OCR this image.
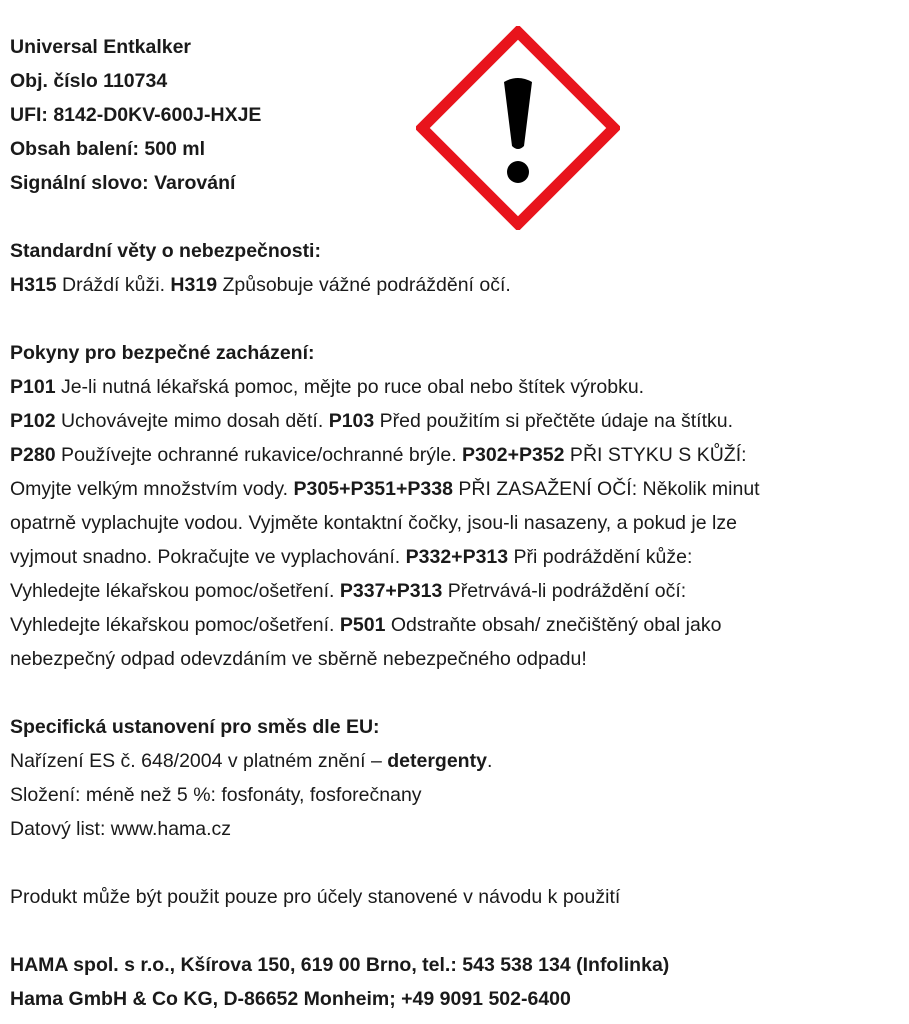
Universal Entkalker
Obj. číslo 110734
UFI: 8142-D0KV-600J-HXJE
Obsah balení: 500 ml
Signální slovo: Varování
Standardní věty o nebezpečnosti:
H315 Dráždí kůži. H319 Způsobuje vážné podráždění očí.
Pokyny pro bezpečné zacházení:
P101 Je-li nutná lékařská pomoc, mějte po ruce obal nebo štítek výrobku.
P102 Uchovávejte mimo dosah dětí. P103 Před použitím si přečtěte údaje na štítku.
P280 Používejte ochranné rukavice/ochranné brýle. P302+P352 PŘI STYKU S KŮŽÍ:
Omyjte velkým množstvím vody. P305+P351+P338 PŘI ZASAŽENÍ OČÍ: Několik minut
opatrně vyplachujte vodou. Vyjměte kontaktní čočky, jsou-li nasazeny, a pokud je lze
vyjmout snadno. Pokračujte ve vyplachování. P332+P313 Při podráždění kůže:
Vyhledejte lékařskou pomoc/ošetření. P337+P313 Přetrvává-li podráždění očí:
Vyhledejte lékařskou pomoc/ošetření. P501 Odstraňte obsah/ znečištěný obal jako
nebezpečný odpad odevzdáním ve sběrně nebezpečného odpadu!
Specifická ustanovení pro směs dle EU:
Nařízení ES č. 648/2004 v platném znění – detergenty.
Složení: méně než 5 %: fosfonáty, fosforečnany
Datový list: www.hama.cz
Produkt může být použit pouze pro účely stanovené v návodu k použití
HAMA spol. s r.o., Kšírova 150, 619 00 Brno, tel.: 543 538 134 (Infolinka)
Hama GmbH & Co KG, D-86652 Monheim; +49 9091 502-6400
